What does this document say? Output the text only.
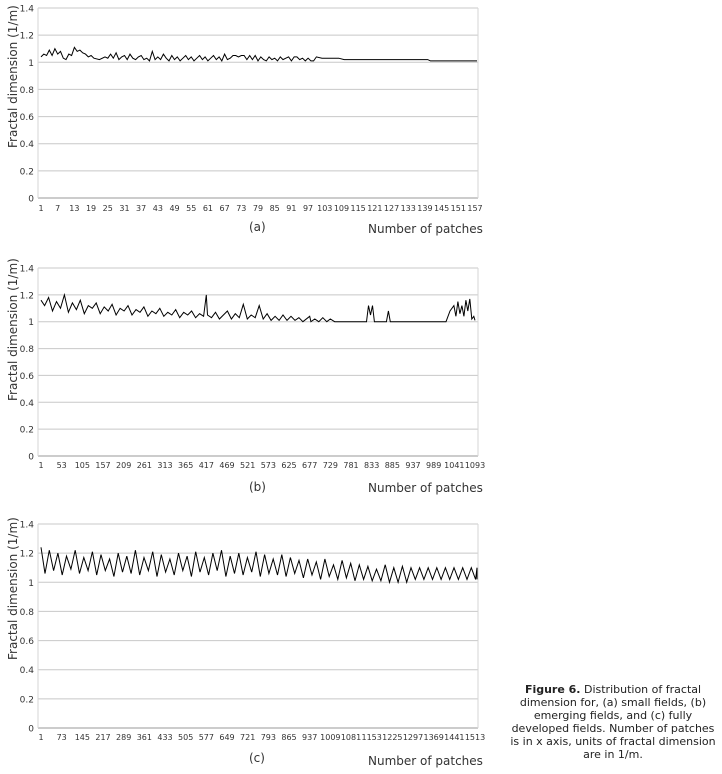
0
0.2
0.4
0.6
0.8
1
1.2
1.4
1 7 13 19 25 31 37 43 49 55 61 67 73 79 85 91 97 103 109 115 121 127 133 139 145 151 157
Fractal dimension (1/m)
(a)	Number of patches
0
0.2
0.4
0.6
0.8
1
1.2
1.4
1 53 105 157 209 261 313 365 417 469 521 573 625 677 729 781 833 885 937 989 1041 1093
Fractal dimension (1/m)
(b)	Number of patches
0
0.2
0.4
0.6
0.8
1
1.2
1.4
1 73 145 217 289 361 433 505 577 649 721 793 865 937 1009 1081 1153 1225 1297 1369 1441 1513
Fractal dimension (1/m)
(c)	Number of patches
Figure 6. Distribution of fractal dimension for, (a) small fields, (b) emerging fields, and (c) fully developed fields. Number of patches is in x axis, units of fractal dimension are in 1/m.
